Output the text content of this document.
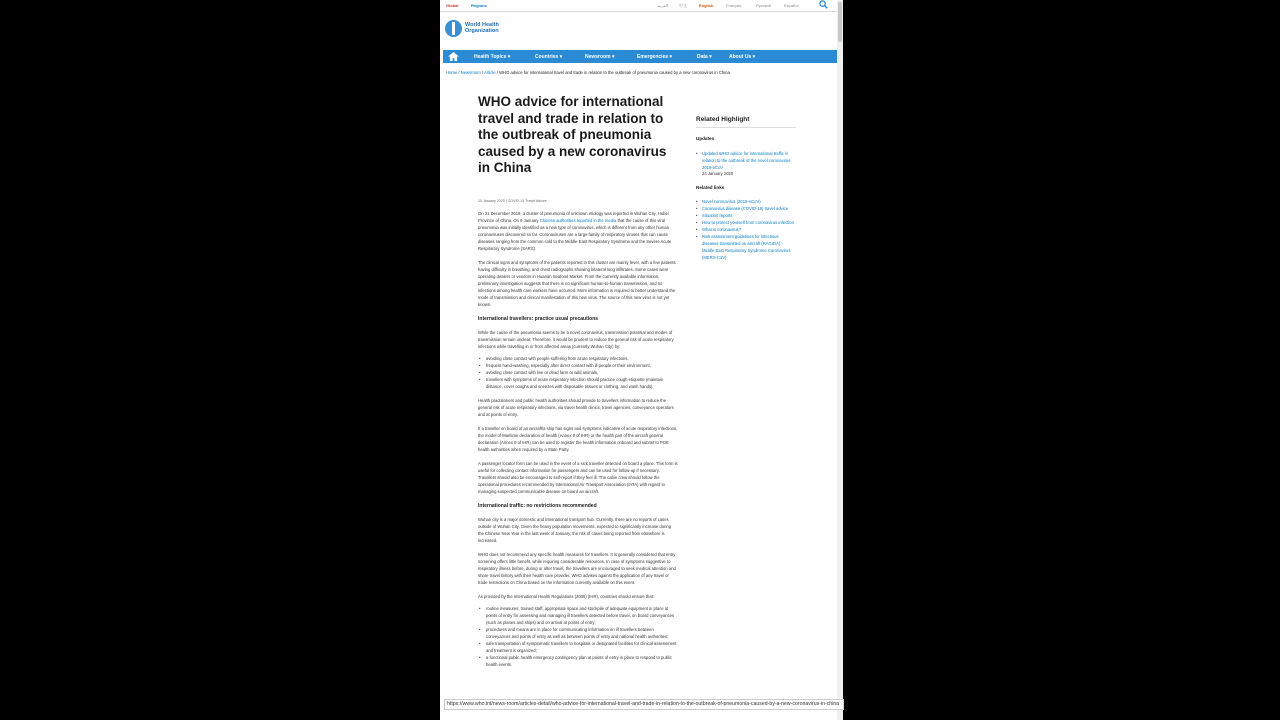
Global	Regions	العربية	中文	English	Français	Русский	Español
World Health Organization
Health Topics ▾	Countries ▾	Newsroom ▾	Emergencies ▾	Data ▾	About Us ▾
Home / Newsroom / Article / WHO advice for international travel and trade in relation to the outbreak of pneumonia caused by a new coronavirus in China
WHO advice for international travel and trade in relation to the outbreak of pneumonia caused by a new coronavirus in China
10 January 2020 | COVID-19 Travel Advice

On 31 December 2019, a cluster of pneumonia of unknown etiology was reported in Wuhan City, Hubei Province of China. On 9 January Chinese authorities reported in the media that the cause of this viral pneumonia was initially identified as a new type of coronavirus, which is different from any other human coronaviruses discovered so far. Coronaviruses are a large family of respiratory viruses that can cause diseases ranging from the common cold to the Middle-East Respiratory Syndrome and the Severe Acute Respiratory Syndrome (SARS).

The clinical signs and symptoms of the patients reported in this cluster are mainly fever, with a few patients having difficulty in breathing, and chest radiographs showing bilateral lung infiltrates. Some cases were operating dealers or vendors in Huanan Seafood Market. From the currently available information, preliminary investigation suggests that there is no significant human-to-human transmission, and no infections among health care workers have occurred. More information is required to better understand the mode of transmission and clinical manifestation of this new virus. The source of this new virus is not yet known.

International travellers: practice usual precautions

While the cause of the pneumonia seems to be a novel coronavirus, transmission potential and modes of transmission remain unclear. Therefore, it would be prudent to reduce the general risk of acute respiratory infections while travelling in or from affected areas (currently Wuhan City) by:

• avoiding close contact with people suffering from acute respiratory infections,
• frequent hand-washing, especially after direct contact with ill people or their environment,
• avoiding close contact with live or dead farm or wild animals,
• travellers with symptoms of acute respiratory infection should practice cough etiquette (maintain distance, cover coughs and sneezes with disposable tissues or clothing, and wash hands).

Health practitioners and public health authorities should provide to travellers information to reduce the general risk of acute respiratory infections, via travel health clinics, travel agencies, conveyance operators and at points of entry.

If a traveller on board of an aircraft/a ship has signs and symptoms indicative of acute respiratory infections, the model of Maritime declaration of health (Annex 8 of IHR) or the health part of the aircraft general declaration (Annex 9 of IHR) can be used to register the health information onboard and submit to POE health authorities when required by a State Party.

A passenger locator form can be used in the event of a sick traveller detected on board a plane. This form is useful for collecting contact information for passengers and can be used for follow-up if necessary. Travellers should also be encouraged to self-report if they feel ill. The cabin crew should follow the operational procedures recommended by International Air Transport Association (IATA) with regard to managing suspected communicable disease on board an aircraft.

International traffic: no restrictions recommended

Wuhan city is a major domestic and international transport hub. Currently, there are no reports of cases outside of Wuhan City. Given the heavy population movements, expected to significantly increase during the Chinese New Year in the last week of January, the risk of cases being reported from elsewhere is increased.

WHO does not recommend any specific health measures for travellers. It is generally considered that entry screening offers little benefit, while requiring considerable resources. In case of symptoms suggestive to respiratory illness before, during or after travel, the travellers are encouraged to seek medical attention and share travel history with their health care provider. WHO advises against the application of any travel or trade restrictions on China based on the information currently available on this event.

As provided by the International Health Regulations (2005) (IHR), countries should ensure that:

• routine measures, trained staff, appropriate space and stockpile of adequate equipment in place at points of entry for assessing and managing ill travellers detected before travel, on board conveyances (such as planes and ships) and on arrival at points of entry;
• procedures and means are in place for communicating information on ill travellers between conveyances and points of entry as well as between points of entry and national health authorities;
• safe transportation of symptomatic travellers to hospitals or designated facilities for clinical assessment and treatment is organized;
• a functional public health emergency contingency plan at points of entry in place to respond to public health events.
Related Highlight
Updates
• Updated WHO advice for international traffic in relation to the outbreak of the novel coronavirus 2019-nCoV
24 January 2020
Related links
• Novel coronavirus (2019-nCoV)
• Coronavirus disease (COVID-19) travel advice
• Situation reports
• How to protect yourself from coronavirus infection
• What is coronavirus?
• Risk assessment guidelines for infectious diseases transmitted on aircraft (RAGIDA) - Middle East Respiratory Syndrome Coronavirus (MERS-CoV)
https://www.who.int/news-room/articles-detail/who-advice-for-international-travel-and-trade-in-relation-to-the-outbreak-of-pneumonia-caused-by-a-new-coronavirus-in-china
